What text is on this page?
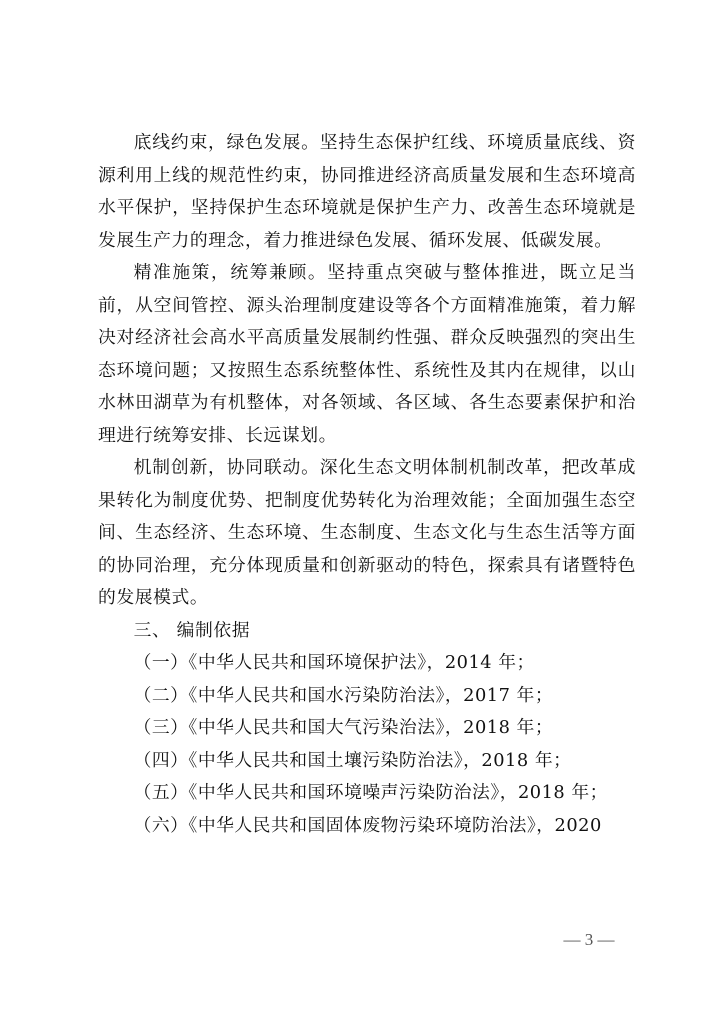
底线约束，绿色发展。坚持生态保护红线、环境质量底线、资源利用上线的规范性约束，协同推进经济高质量发展和生态环境高水平保护，坚持保护生态环境就是保护生产力、改善生态环境就是发展生产力的理念，着力推进绿色发展、循环发展、低碳发展。

精准施策，统筹兼顾。坚持重点突破与整体推进，既立足当前，从空间管控、源头治理制度建设等各个方面精准施策，着力解决对经济社会高水平高质量发展制约性强、群众反映强烈的突出生态环境问题；又按照生态系统整体性、系统性及其内在规律，以山水林田湖草为有机整体，对各领域、各区域、各生态要素保护和治理进行统筹安排、长远谋划。

机制创新，协同联动。深化生态文明体制机制改革，把改革成果转化为制度优势、把制度优势转化为治理效能；全面加强生态空间、生态经济、生态环境、生态制度、生态文化与生态生活等方面的协同治理，充分体现质量和创新驱动的特色，探索具有诸暨特色的发展模式。

三、 编制依据

（一）《中华人民共和国环境保护法》，2014 年；

（二）《中华人民共和国水污染防治法》，2017 年；

（三）《中华人民共和国大气污染治法》，2018 年；

（四）《中华人民共和国土壤污染防治法》，2018 年；

（五）《中华人民共和国环境噪声污染防治法》，2018 年；

（六）《中华人民共和国固体废物污染环境防治法》，2020

— 3 —
